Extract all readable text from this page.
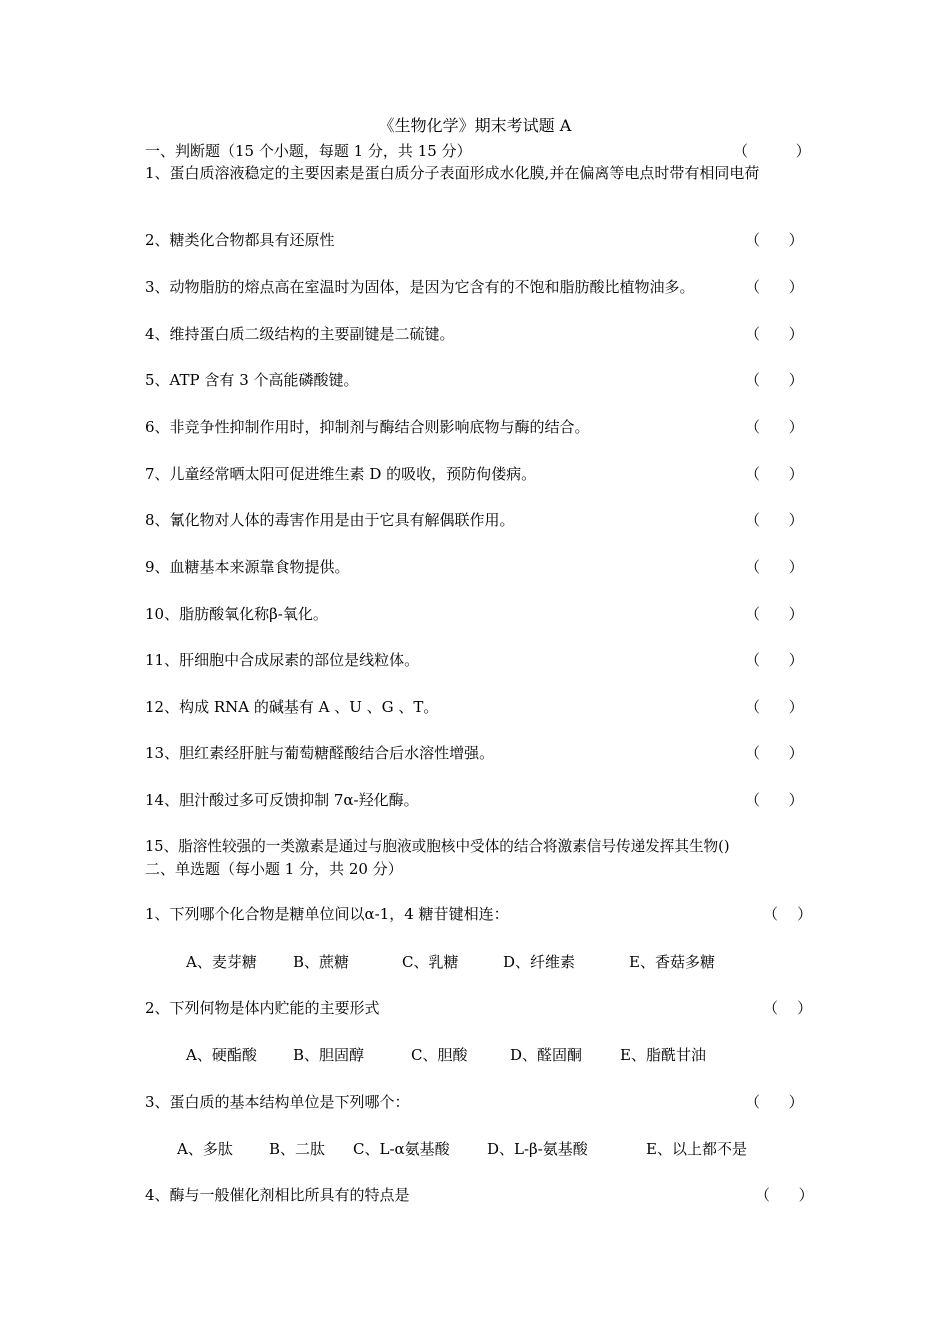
《生物化学》期末考试题 A
一、判断题（15 个小题，每题 1 分，共 15 分）	（          ）
1、蛋白质溶液稳定的主要因素是蛋白质分子表面形成水化膜,并在偏离等电点时带有相同电荷
2、糖类化合物都具有还原性	（      ）
3、动物脂肪的熔点高在室温时为固体，是因为它含有的不饱和脂肪酸比植物油多。	（      ）
4、维持蛋白质二级结构的主要副键是二硫键。	（      ）
5、ATP 含有 3 个高能磷酸键。	（      ）
6、非竞争性抑制作用时，抑制剂与酶结合则影响底物与酶的结合。	（      ）
7、儿童经常晒太阳可促进维生素 D 的吸收，预防佝偻病。	（      ）
8、氰化物对人体的毒害作用是由于它具有解偶联作用。	（      ）
9、血糖基本来源靠食物提供。	（      ）
10、脂肪酸氧化称β-氧化。	（      ）
11、肝细胞中合成尿素的部位是线粒体。	（      ）
12、构成 RNA 的碱基有 A 、U 、G 、T。	（      ）
13、胆红素经肝脏与葡萄糖醛酸结合后水溶性增强。	（      ）
14、胆汁酸过多可反馈抑制 7α-羟化酶。	（      ）
15、脂溶性较强的一类激素是通过与胞液或胞核中受体的结合将激素信号传递发挥其生物()
二、单选题（每小题 1 分，共 20 分）
1、下列哪个化合物是糖单位间以α-1，4 糖苷键相连：	（    ）
A、麦芽糖 B、蔗糖	C、乳糖	D、纤维素	E、香菇多糖
2、下列何物是体内贮能的主要形式	（    ）
A、硬酯酸 B、胆固醇	C、胆酸	D、醛固酮	E、脂酰甘油
3、蛋白质的基本结构单位是下列哪个：	（      ）
A、多肽 B、二肽 C、L-α氨基酸 D、L-β-氨基酸	E、以上都不是
4、酶与一般催化剂相比所具有的特点是	（      ）
